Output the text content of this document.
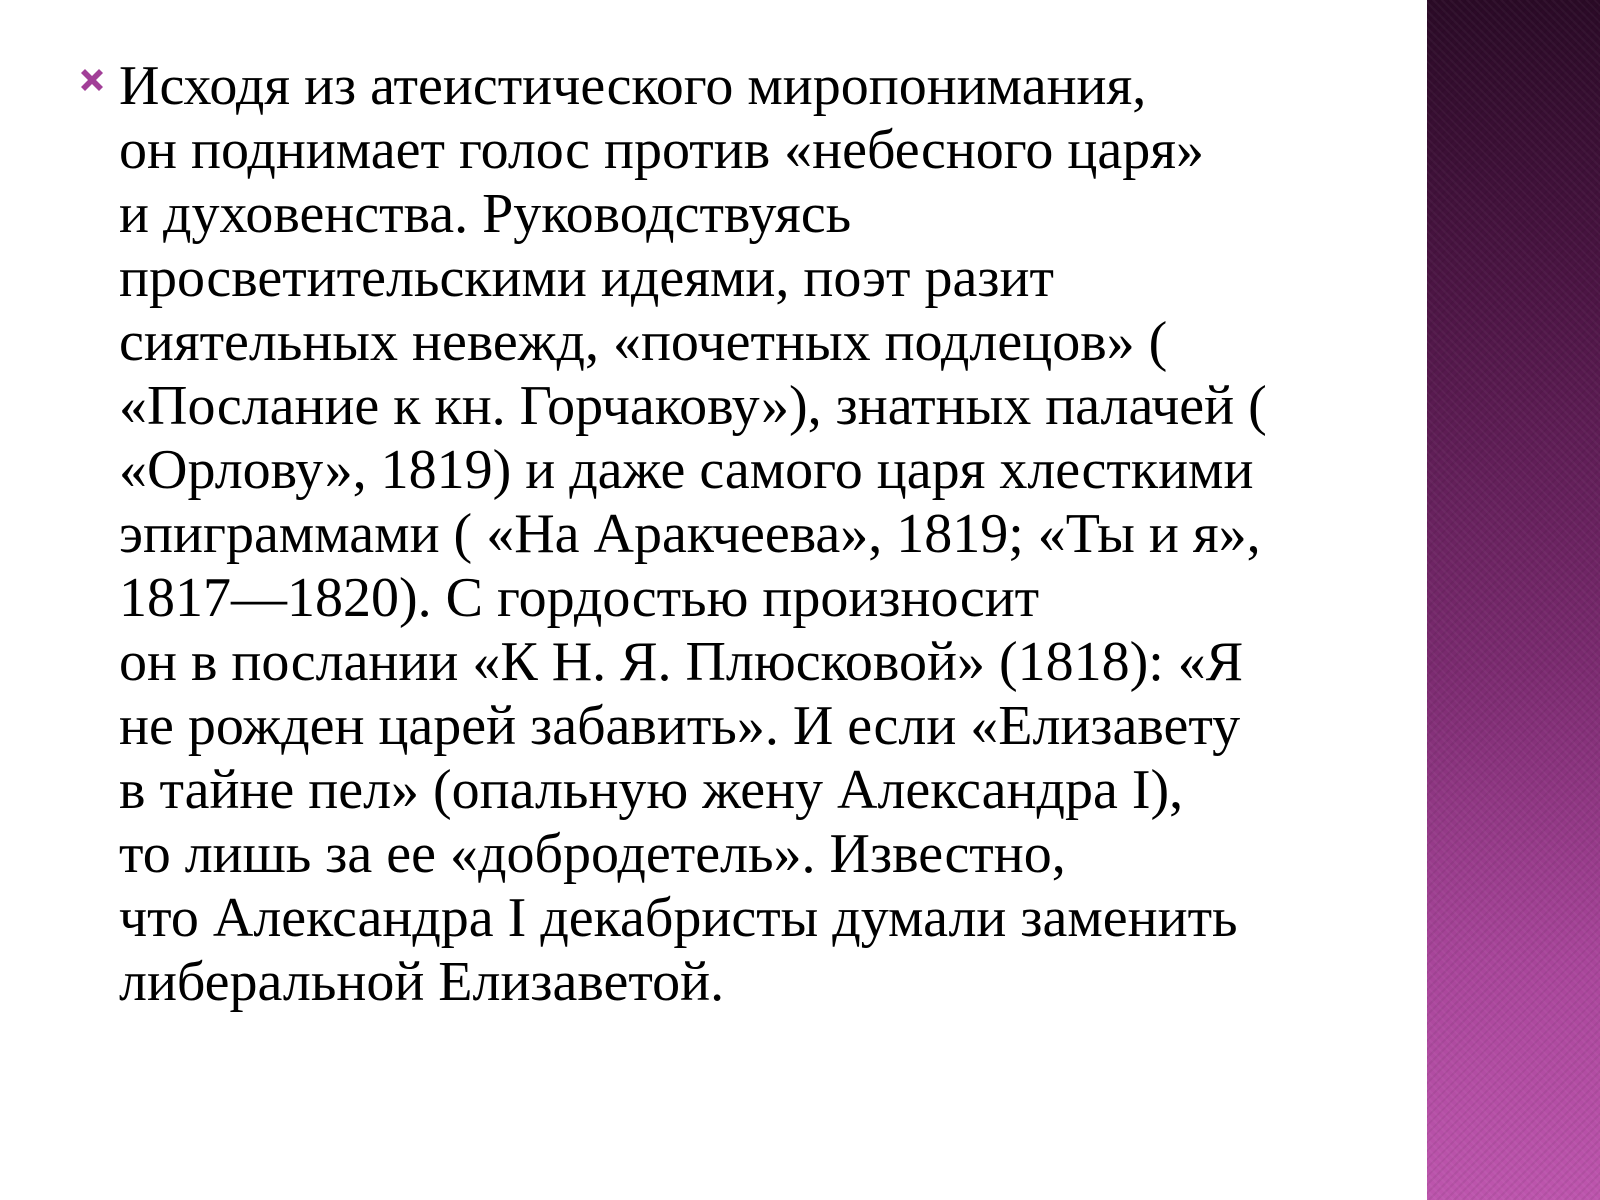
Исходя из атеистического миропонимания,
он поднимает голос против «небесного царя»
и духовенства. Руководствуясь
просветительскими идеями, поэт разит
сиятельных невежд, «почетных подлецов» (
«Послание к кн. Горчакову»), знатных палачей (
«Орлову», 1819) и даже самого царя хлесткими
эпиграммами ( «На Аракчеева», 1819; «Ты и я»,
1817—1820). С гордостью произносит
он в послании «К Н. Я. Плюсковой» (1818): «Я
не рожден царей забавить». И если «Елизавету
в тайне пел» (опальную жену Александра I),
то лишь за ее «добродетель». Известно,
что Александра I декабристы думали заменить
либеральной Елизаветой.
